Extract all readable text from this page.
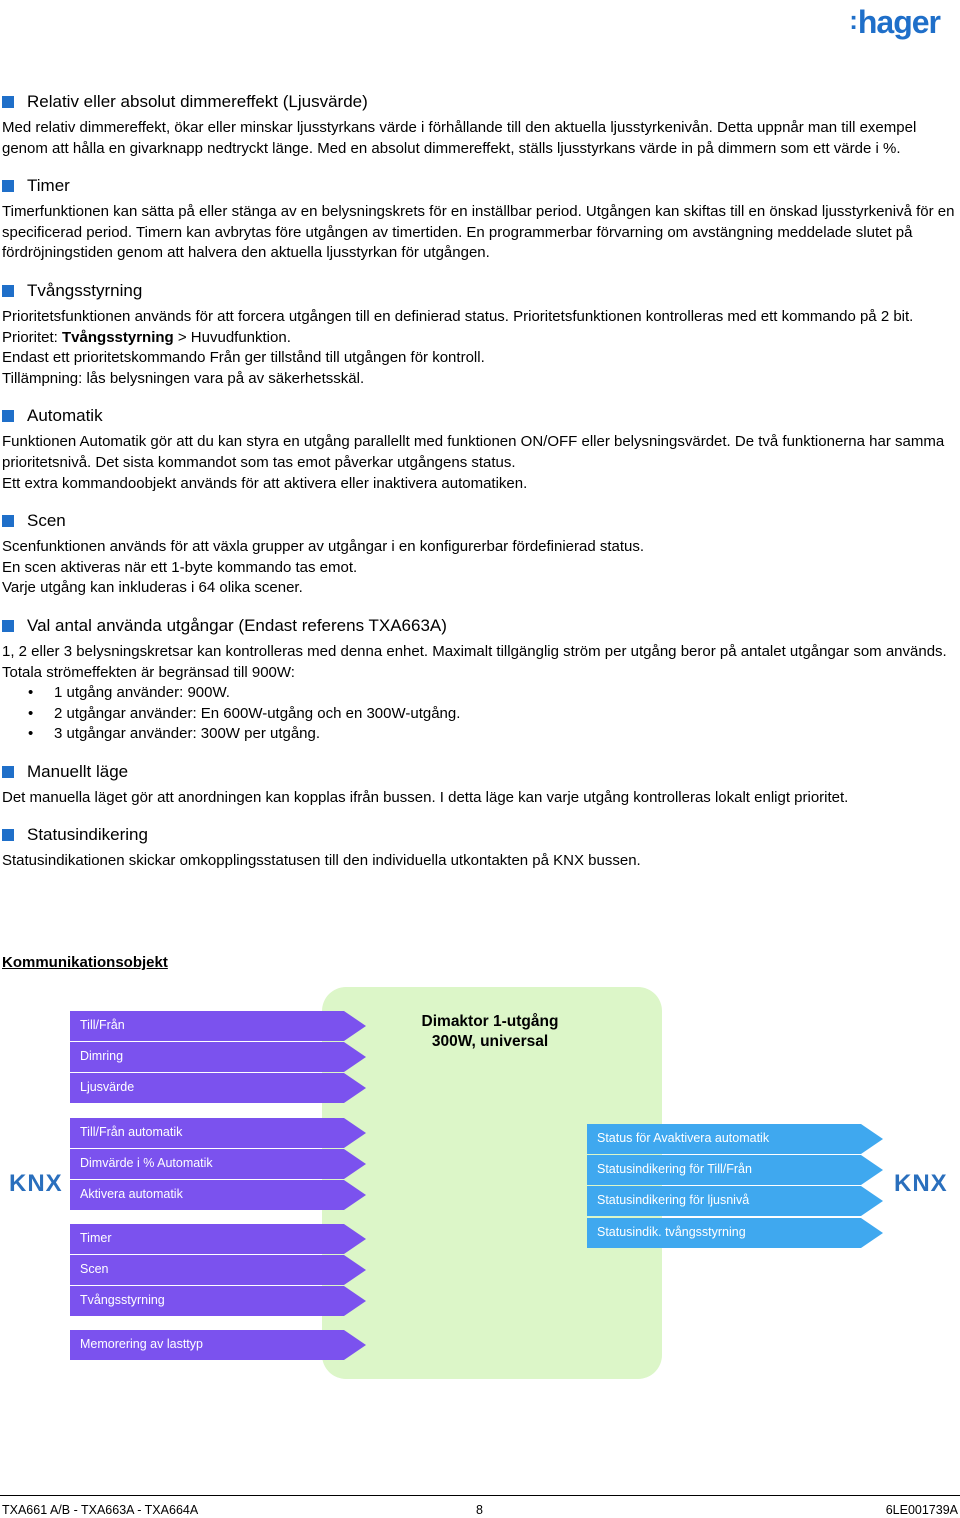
:hager
Relativ eller absolut dimmereffekt (Ljusvärde)

Med relativ dimmereffekt, ökar eller minskar ljusstyrkans värde i förhållande till den aktuella ljusstyrkenivån. Detta uppnår man till exempel genom att hålla en givarknapp nedtryckt länge. Med en absolut dimmereffekt, ställs ljusstyrkans värde in på dimmern som ett värde i %.

Timer

Timerfunktionen kan sätta på eller stänga av en belysningskrets för en inställbar period. Utgången kan skiftas till en önskad ljusstyrkenivå för en specificerad period. Timern kan avbrytas före utgången av timertiden. En programmerbar förvarning om avstängning meddelade slutet på fördröjningstiden genom att halvera den aktuella ljusstyrkan för utgången.

Tvångsstyrning

Prioritetsfunktionen används för att forcera utgången till en definierad status. Prioritetsfunktionen kontrolleras med ett kommando på 2 bit.

Prioritet: Tvångsstyrning > Huvudfunktion.

Endast ett prioritetskommando Från ger tillstånd till utgången för kontroll.

Tillämpning: lås belysningen vara på av säkerhetsskäl.

Automatik

Funktionen Automatik gör att du kan styra en utgång parallellt med funktionen ON/OFF eller belysningsvärdet. De två funktionerna har samma prioritetsnivå. Det sista kommandot som tas emot påverkar utgångens status.

Ett extra kommandoobjekt används för att aktivera eller inaktivera automatiken.

Scen

Scenfunktionen används för att växla grupper av utgångar i en konfigurerbar fördefinierad status.

En scen aktiveras när ett 1-byte kommando tas emot.

Varje utgång kan inkluderas i 64 olika scener.

Val antal använda utgångar (Endast referens TXA663A)

1, 2 eller 3 belysningskretsar kan kontrolleras med denna enhet. Maximalt tillgänglig ström per utgång beror på antalet utgångar som används. Totala strömeffekten är begränsad till 900W:

• 1 utgång använder: 900W.
• 2 utgångar använder: En 600W-utgång och en 300W-utgång.
• 3 utgångar använder: 300W per utgång.
Manuellt läge

Det manuella läget gör att anordningen kan kopplas ifrån bussen. I detta läge kan varje utgång kontrolleras lokalt enligt prioritet.

Statusindikering

Statusindikationen skickar omkopplingsstatusen till den individuella utkontakten på KNX bussen.

Kommunikationsobjekt
Dimaktor 1-utgång
300W, universal
KNX	KNX
Till/Från
Dimring
Ljusvärde
Till/Från automatik
Dimvärde i % Automatik
Aktivera automatik
Timer
Scen
Tvångsstyrning
Memorering av lasttyp
Status för Avaktivera automatik
Statusindikering för Till/Från
Statusindikering för ljusnivå
Statusindik. tvångsstyrning
TXA661 A/B - TXA663A - TXA664A	8	6LE001739A
